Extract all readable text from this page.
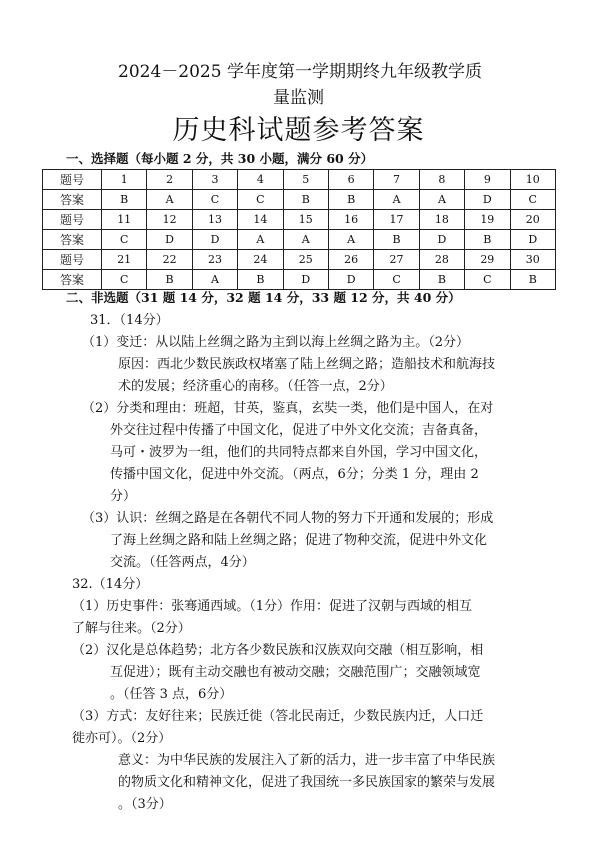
2024－2025 学年度第一学期期终九年级教学质
量监测
历史科试题参考答案
一、选择题（每小题 2 分，共 30 小题，满分 60 分）
题号	1	2	3	4	5	6	7	8	9	10
答案	B	A	C	C	B	B	A	A	D	C
题号	11	12	13	14	15	16	17	18	19	20
答案	C	D	D	A	A	A	B	D	B	D
题号	21	22	23	24	25	26	27	28	29	30
答案	C	B	A	B	D	D	C	B	C	B
二、非选题（31 题 14 分，32 题 14 分，33 题 12 分，共 40 分）
31．（14分）
（1）变迁：从以陆上丝绸之路为主到以海上丝绸之路为主。（2分）
原因：西北少数民族政权堵塞了陆上丝绸之路；造船技术和航海技
术的发展；经济重心的南移。（任答一点，2分）
（2）分类和理由：班超，甘英，鉴真，玄奘一类，他们是中国人，在对
外交往过程中传播了中国文化，促进了中外文化交流；吉备真备，
马可・波罗为一组，他们的共同特点都来自外国，学习中国文化，
传播中国文化，促进中外交流。（两点，6分；分类 1 分，理由 2
分）
（3）认识：丝绸之路是在各朝代不同人物的努力下开通和发展的；形成
了海上丝绸之路和陆上丝绸之路；促进了物种交流，促进中外文化
交流。（任答两点，4分）
32.（14分）
（1）历史事件：张骞通西域。（1分）作用：促进了汉朝与西域的相互
了解与往来。（2分）
（2）汉化是总体趋势；北方各少数民族和汉族双向交融（相互影响，相
互促进）；既有主动交融也有被动交融；交融范围广；交融领域宽
。（任答 3 点，6分）
（3）方式：友好往来；民族迁徙（答北民南迁，少数民族内迁，人口迁
徙亦可）。（2分）
意义：为中华民族的发展注入了新的活力，进一步丰富了中华民族
的物质文化和精神文化，促进了我国统一多民族国家的繁荣与发展
。（3分）
